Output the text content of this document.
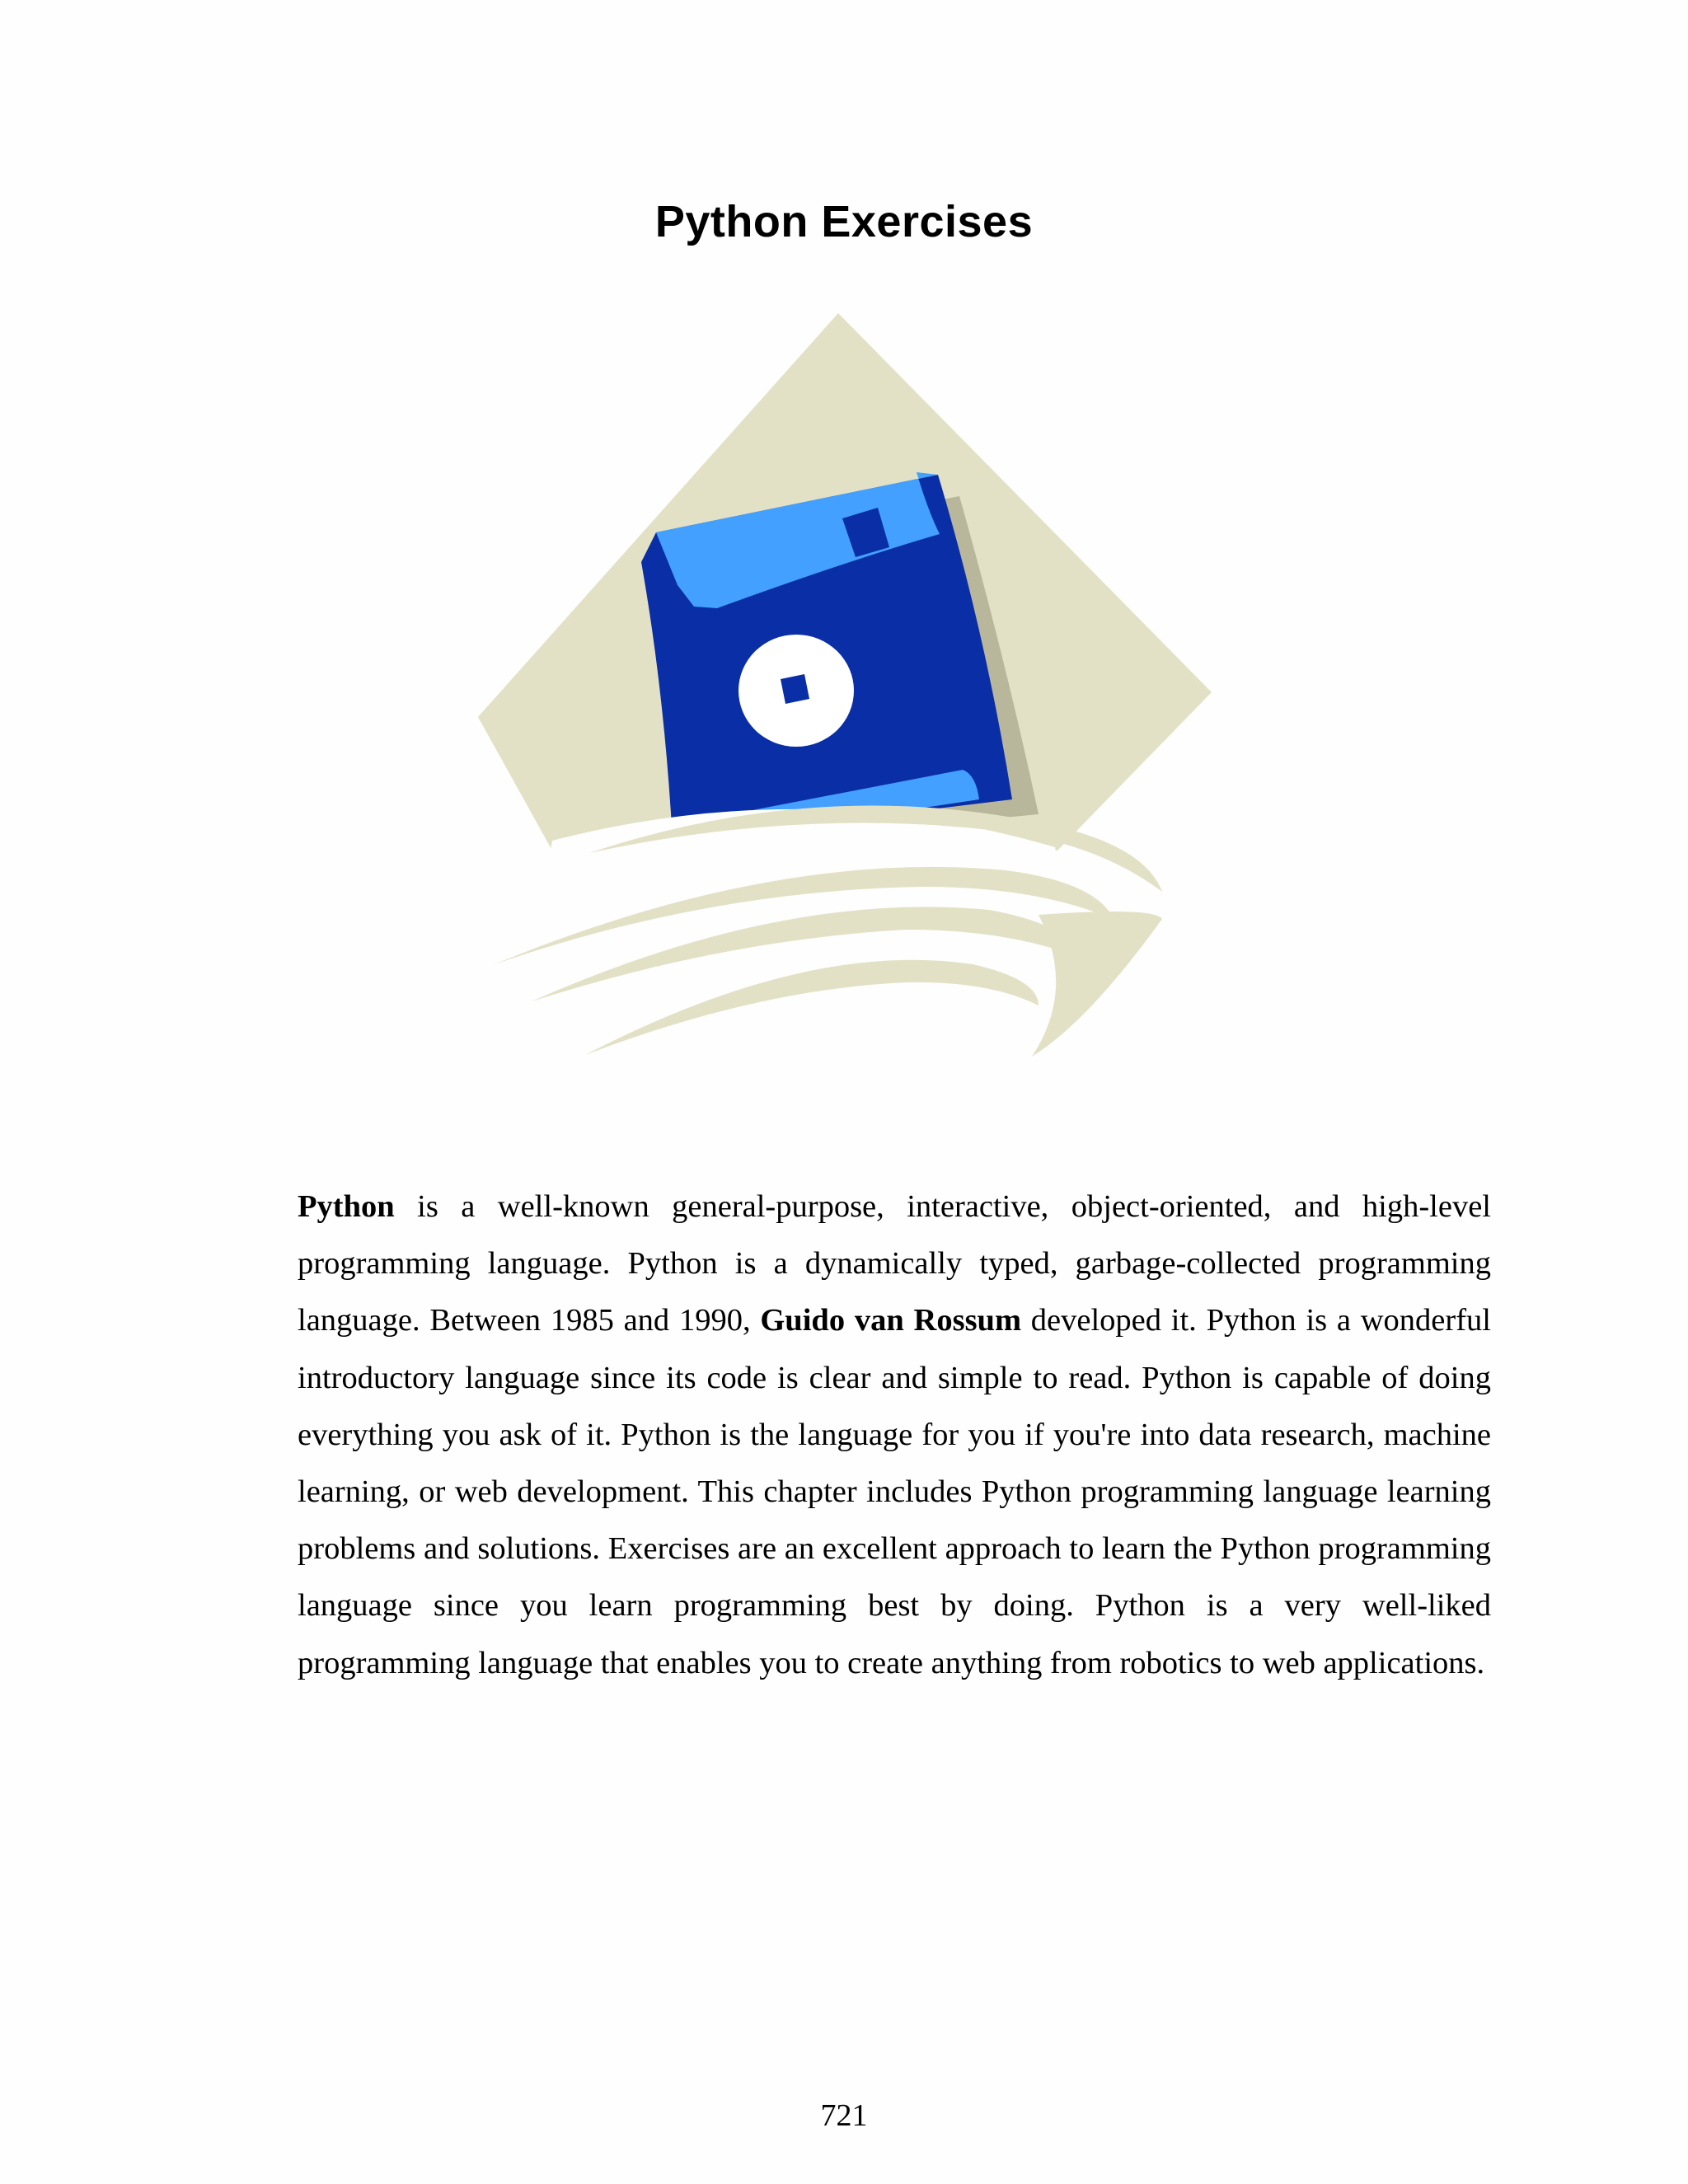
Python Exercises

Python is a well-known general-purpose, interactive, object-oriented, and high-level programming language. Python is a dynamically typed, garbage-collected programming language. Between 1985 and 1990, Guido van Rossum developed it. Python is a wonderful introductory language since its code is clear and simple to read. Python is capable of doing everything you ask of it. Python is the language for you if you're into data research, machine learning, or web development. This chapter includes Python programming language learning problems and solutions. Exercises are an excellent approach to learn the Python programming language since you learn programming best by doing. Python is a very well-liked programming language that enables you to create anything from robotics to web applications.

721
